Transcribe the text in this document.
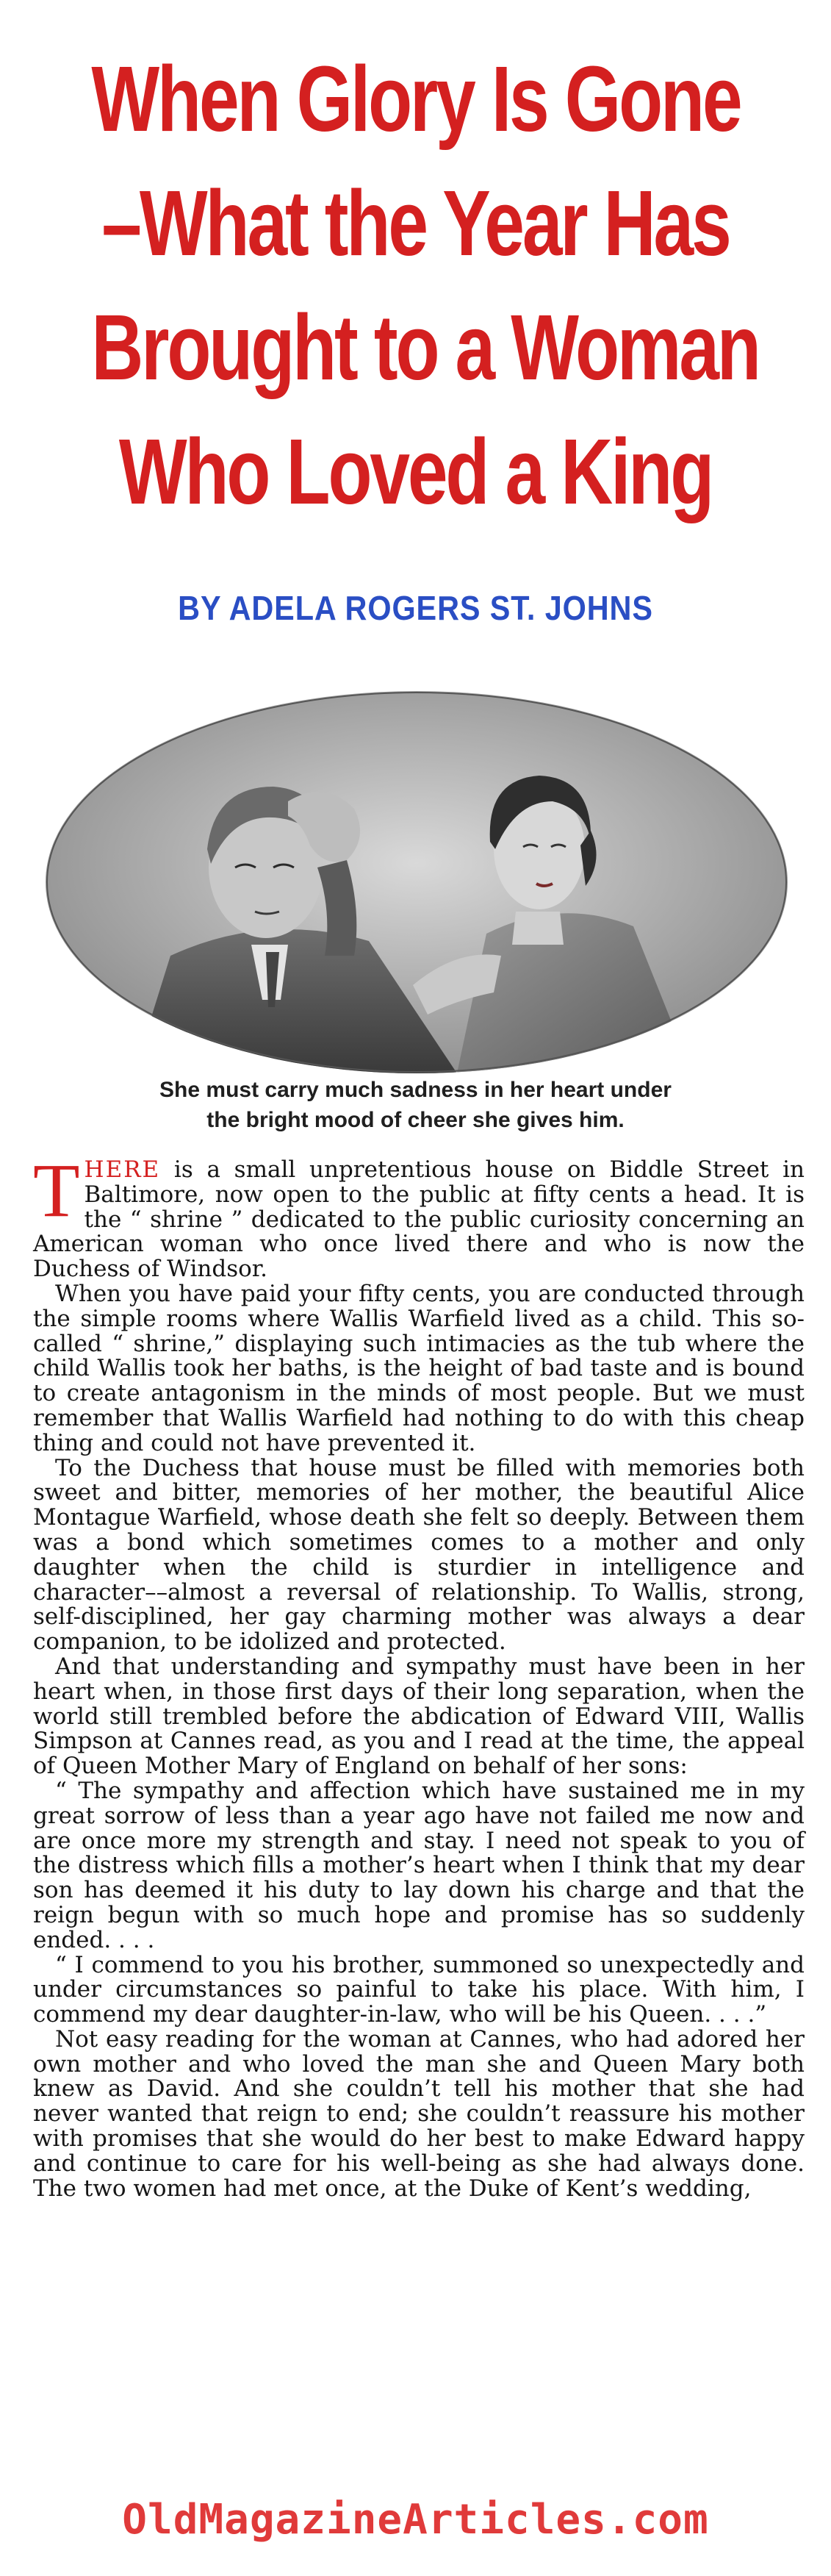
When Glory Is Gone
–What the Year Has
Brought to a Woman
Who Loved a King

BY ADELA ROGERS ST. JOHNS

She must carry much sadness in her heart under
the bright mood of cheer she gives him.

THERE is a small unpretentious house on Biddle Street in Baltimore, now open to the public at fifty cents a head. It is the “ shrine ” dedicated to the public curiosity concerning an American woman who once lived there and who is now the Duchess of Windsor.

When you have paid your fifty cents, you are conducted through the simple rooms where Wallis Warfield lived as a child. This so-called “ shrine,” displaying such intimacies as the tub where the child Wallis took her baths, is the height of bad taste and is bound to create antagonism in the minds of most people. But we must remember that Wallis Warfield had nothing to do with this cheap thing and could not have prevented it.

To the Duchess that house must be filled with memories both sweet and bitter, memories of her mother, the beautiful Alice Montague Warfield, whose death she felt so deeply. Between them was a bond which sometimes comes to a mother and only daughter when the child is sturdier in intelligence and character––almost a reversal of relationship. To Wallis, strong, self-disciplined, her gay charming mother was always a dear companion, to be idolized and protected.

And that understanding and sympathy must have been in her heart when, in those first days of their long separation, when the world still trembled before the abdication of Edward VIII, Wallis Simpson at Cannes read, as you and I read at the time, the appeal of Queen Mother Mary of England on behalf of her sons:

“ The sympathy and affection which have sustained me in my great sorrow of less than a year ago have not failed me now and are once more my strength and stay. I need not speak to you of the distress which fills a mother’s heart when I think that my dear son has deemed it his duty to lay down his charge and that the reign begun with so much hope and promise has so suddenly ended. . . .

“ I commend to you his brother, summoned so unexpectedly and under circumstances so painful to take his place. With him, I commend my dear daughter-in-law, who will be his Queen. . . .”

Not easy reading for the woman at Cannes, who had adored her own mother and who loved the man she and Queen Mary both knew as David. And she couldn’t tell his mother that she had never wanted that reign to end; she couldn’t reassure his mother with promises that she would do her best to make Edward happy and continue to care for his well-being as she had always done. The two women had met once, at the Duke of Kent’s wedding,

OldMagazineArticles.com
